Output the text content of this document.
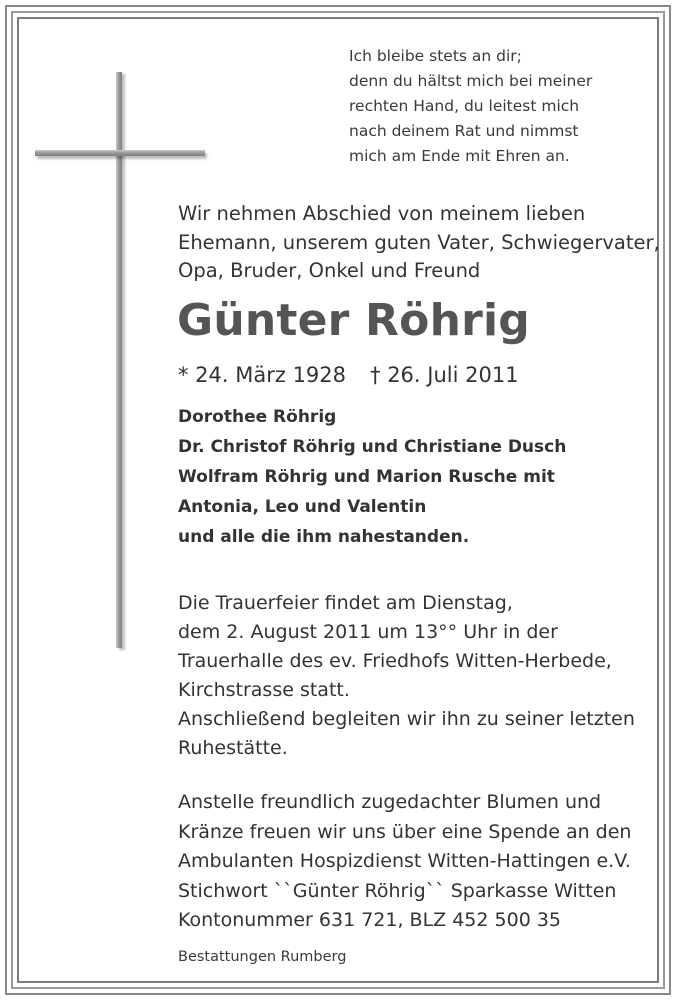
Ich bleibe stets an dir;
denn du hältst mich bei meiner
rechten Hand, du leitest mich
nach deinem Rat und nimmst
mich am Ende mit Ehren an.
Wir nehmen Abschied von meinem lieben
Ehemann, unserem guten Vater, Schwiegervater,
Opa, Bruder, Onkel und Freund
Günter Röhrig
* 24. März 1928 † 26. Juli 2011
Dorothee Röhrig
Dr. Christof Röhrig und Christiane Dusch
Wolfram Röhrig und Marion Rusche mit
Antonia, Leo und Valentin
und alle die ihm nahestanden.
Die Trauerfeier findet am Dienstag,
dem 2. August 2011 um 13°° Uhr in der
Trauerhalle des ev. Friedhofs Witten-Herbede,
Kirchstrasse statt.
Anschließend begleiten wir ihn zu seiner letzten
Ruhestätte.
Anstelle freundlich zugedachter Blumen und
Kränze freuen wir uns über eine Spende an den
Ambulanten Hospizdienst Witten-Hattingen e.V.
Stichwort ``Günter Röhrig`` Sparkasse Witten
Kontonummer 631 721, BLZ 452 500 35
Bestattungen Rumberg
